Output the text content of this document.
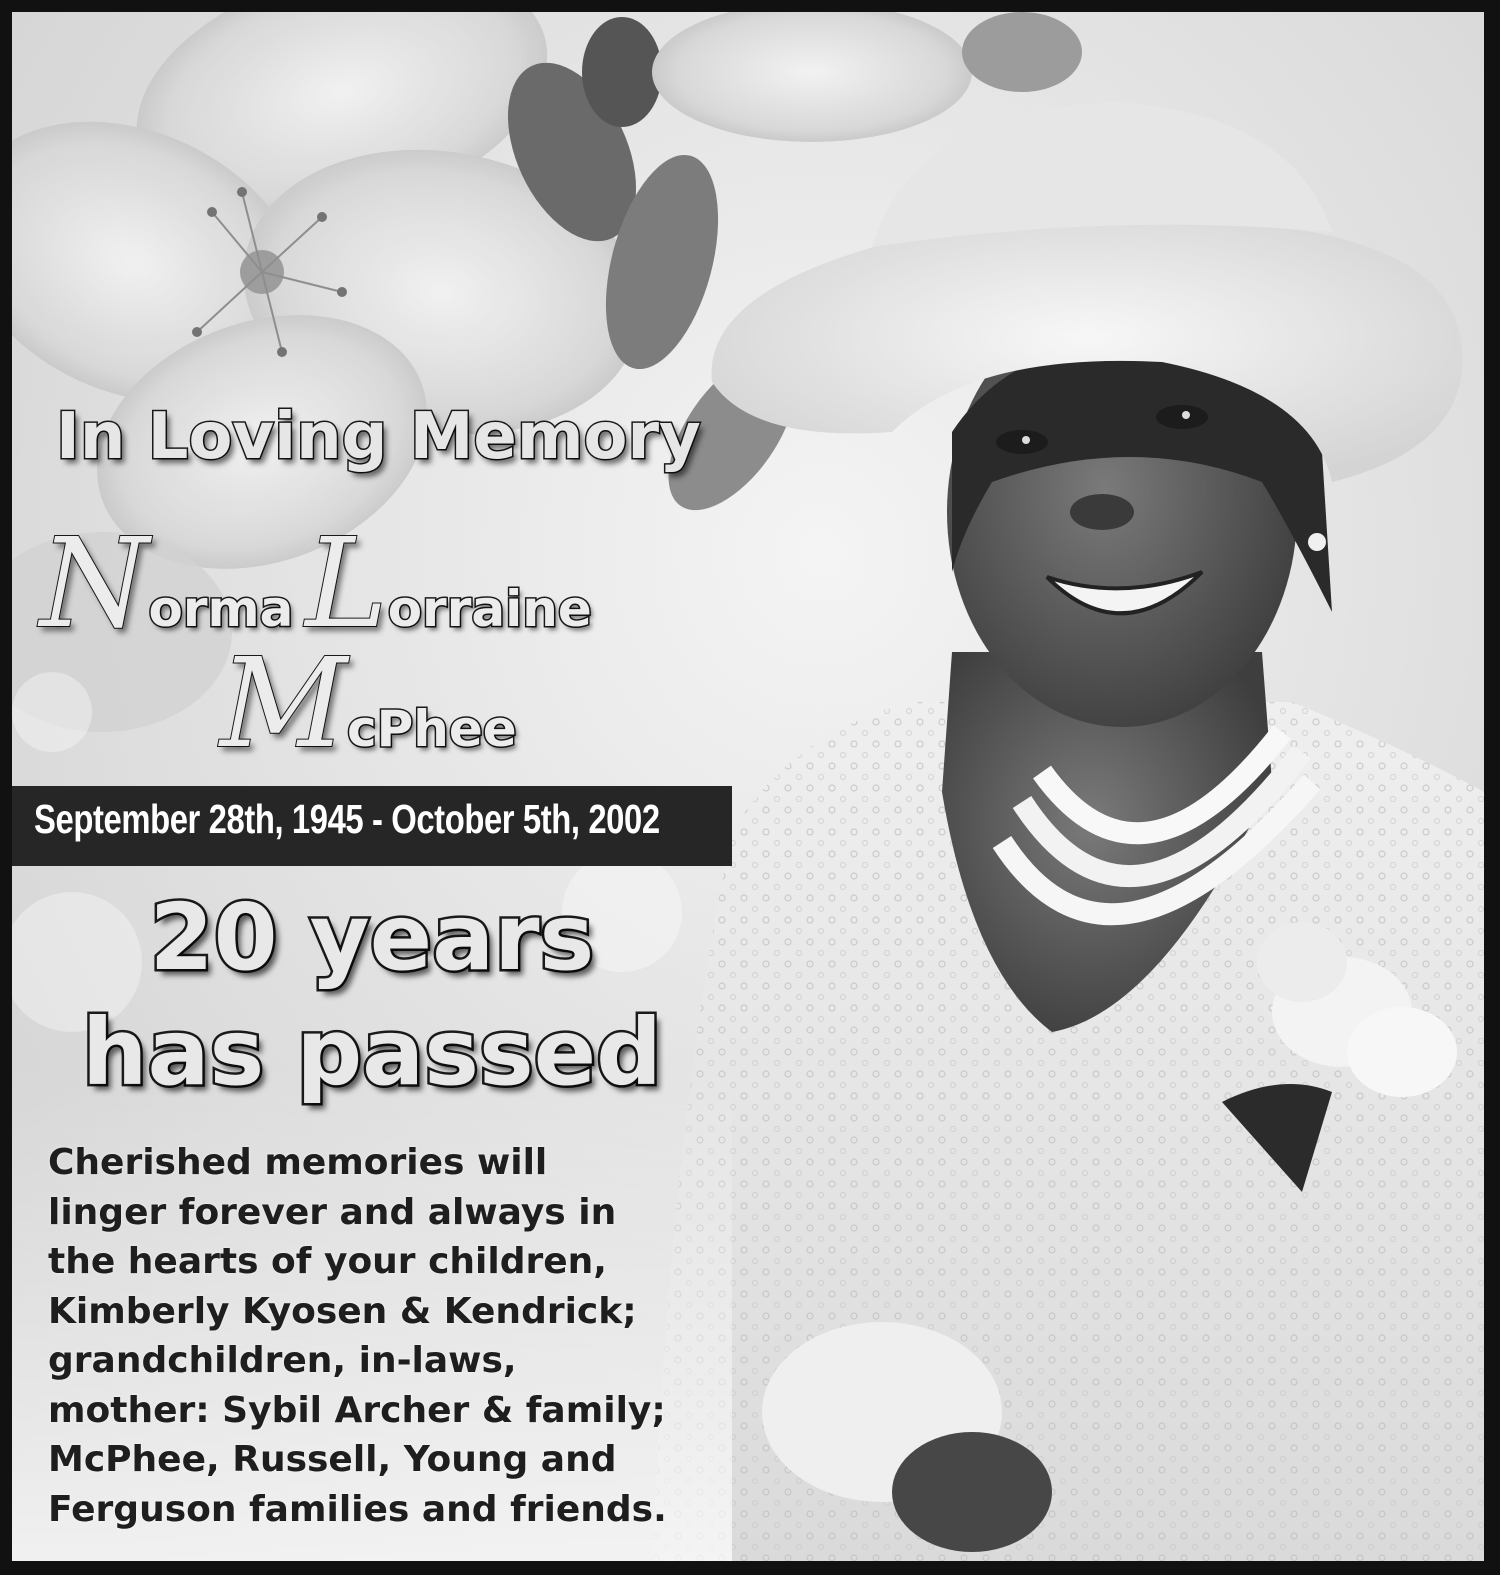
In Loving Memory
Norma Lorraine
McPhee
September 28th, 1945 - October 5th, 2002
20 years
has passed
Cherished memories will
linger forever and always in
the hearts of your children,
Kimberly Kyosen & Kendrick;
grandchildren, in-laws,
mother: Sybil Archer & family;
McPhee, Russell, Young and
Ferguson families and friends.
